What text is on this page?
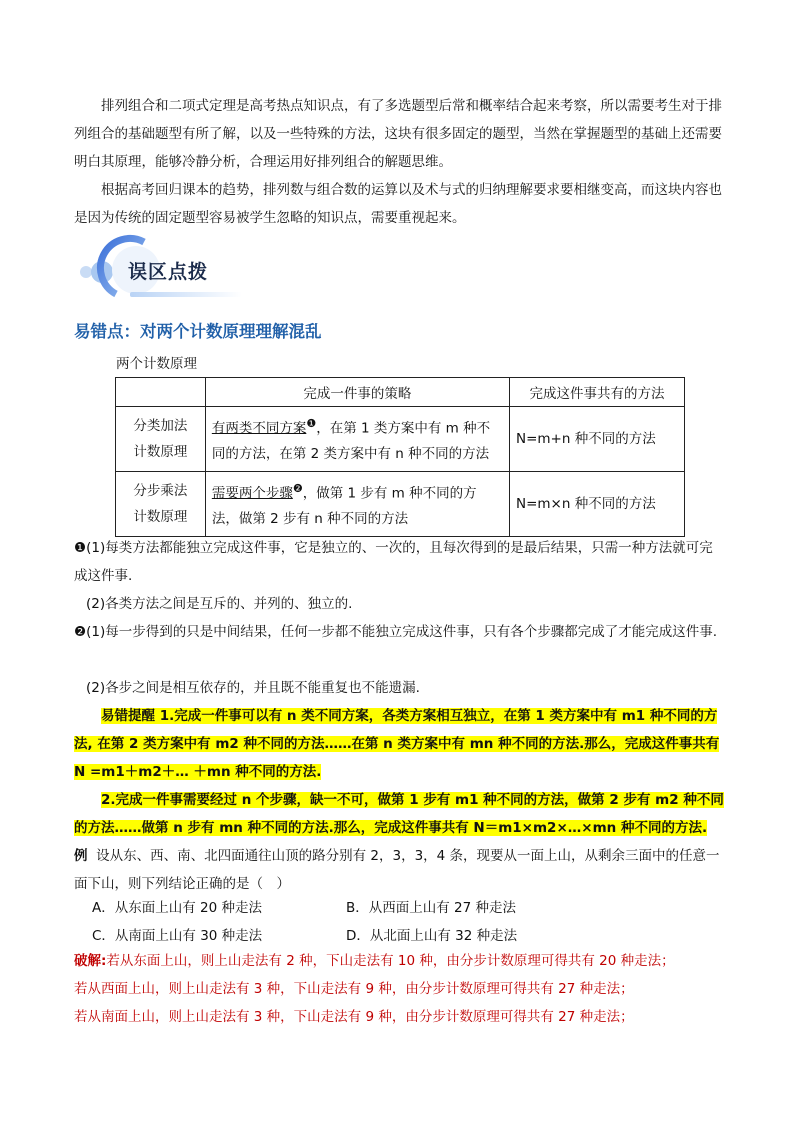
排列组合和二项式定理是高考热点知识点，有了多选题型后常和概率结合起来考察，所以需要考生对于排列组合的基础题型有所了解，以及一些特殊的方法，这块有很多固定的题型，当然在掌握题型的基础上还需要明白其原理，能够冷静分析，合理运用好排列组合的解题思维。
根据高考回归课本的趋势，排列数与组合数的运算以及术与式的归纳理解要求要相继变高，而这块内容也是因为传统的固定题型容易被学生忽略的知识点，需要重视起来。
误区点拨
易错点：对两个计数原理理解混乱
两个计数原理
	完成一件事的策略	完成这件事共有的方法

分类加法
计数原理	有两类不同方案$^❶$，在第 1 类方案中有 m 种不同的方法，在第 2 类方案中有 n 种不同的方法	N=m+n 种不同的方法

分步乘法
计数原理	需要两个步骤$^❷$，做第 1 步有 m 种不同的方法，做第 2 步有 n 种不同的方法	N=m×n 种不同的方法
❶(1)每类方法都能独立完成这件事，它是独立的、一次的，且每次得到的是最后结果，只需一种方法就可完成这件事.
(2)各类方法之间是互斥的、并列的、独立的.
❷(1)每一步得到的只是中间结果，任何一步都不能独立完成这件事，只有各个步骤都完成了才能完成这件事.
(2)各步之间是相互依存的，并且既不能重复也不能遗漏.
易错提醒 1.完成一件事可以有 n 类不同方案，各类方案相互独立，在第 1 类方案中有 m1 种不同的方法, 在第 2 类方案中有 m2 种不同的方法……在第 n 类方案中有 mn 种不同的方法.那么，完成这件事共有 N =m1＋m2＋… ＋mn 种不同的方法.
2.完成一件事需要经过 n 个步骤，缺一不可，做第 1 步有 m1 种不同的方法，做第 2 步有 m2 种不同的方法……做第 n 步有 mn 种不同的方法.那么，完成这件事共有 N＝m1×m2×…×mn 种不同的方法.
例 设从东、西、南、北四面通往山顶的路分别有 2，3，3，4 条，现要从一面上山，从剩余三面中的任意一面下山，则下列结论正确的是（　）
A．从东面上山有 20 种走法	B．从西面上山有 27 种走法
C．从南面上山有 30 种走法	D．从北面上山有 32 种走法
破解:若从东面上山，则上山走法有 2 种，下山走法有 10 种，由分步计数原理可得共有 20 种走法；
若从西面上山，则上山走法有 3 种，下山走法有 9 种，由分步计数原理可得共有 27 种走法；
若从南面上山，则上山走法有 3 种，下山走法有 9 种，由分步计数原理可得共有 27 种走法；
